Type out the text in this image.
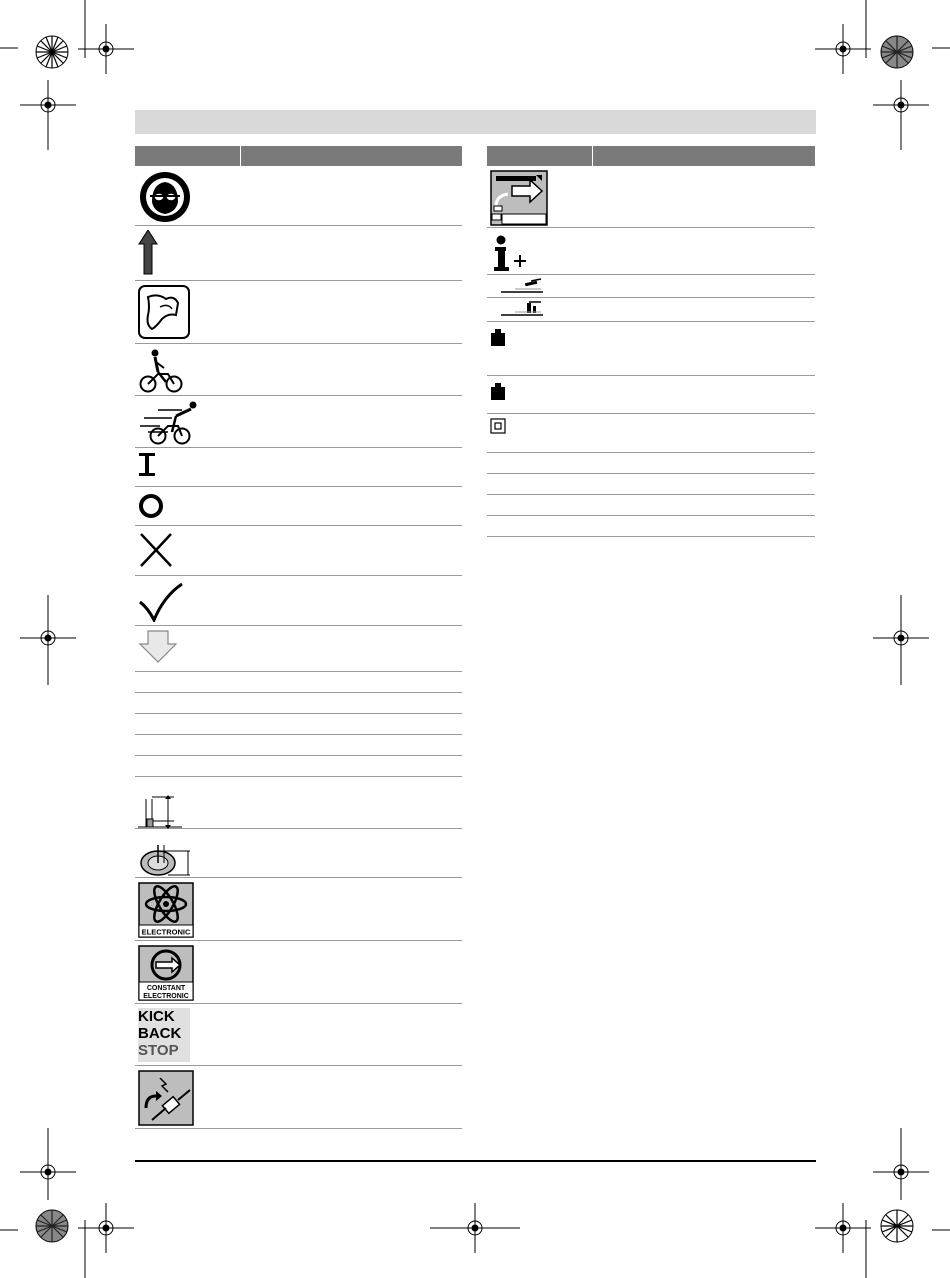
ELECTRONIC
CONSTANT
ELECTRONIC
KICK
BACK
STOP
